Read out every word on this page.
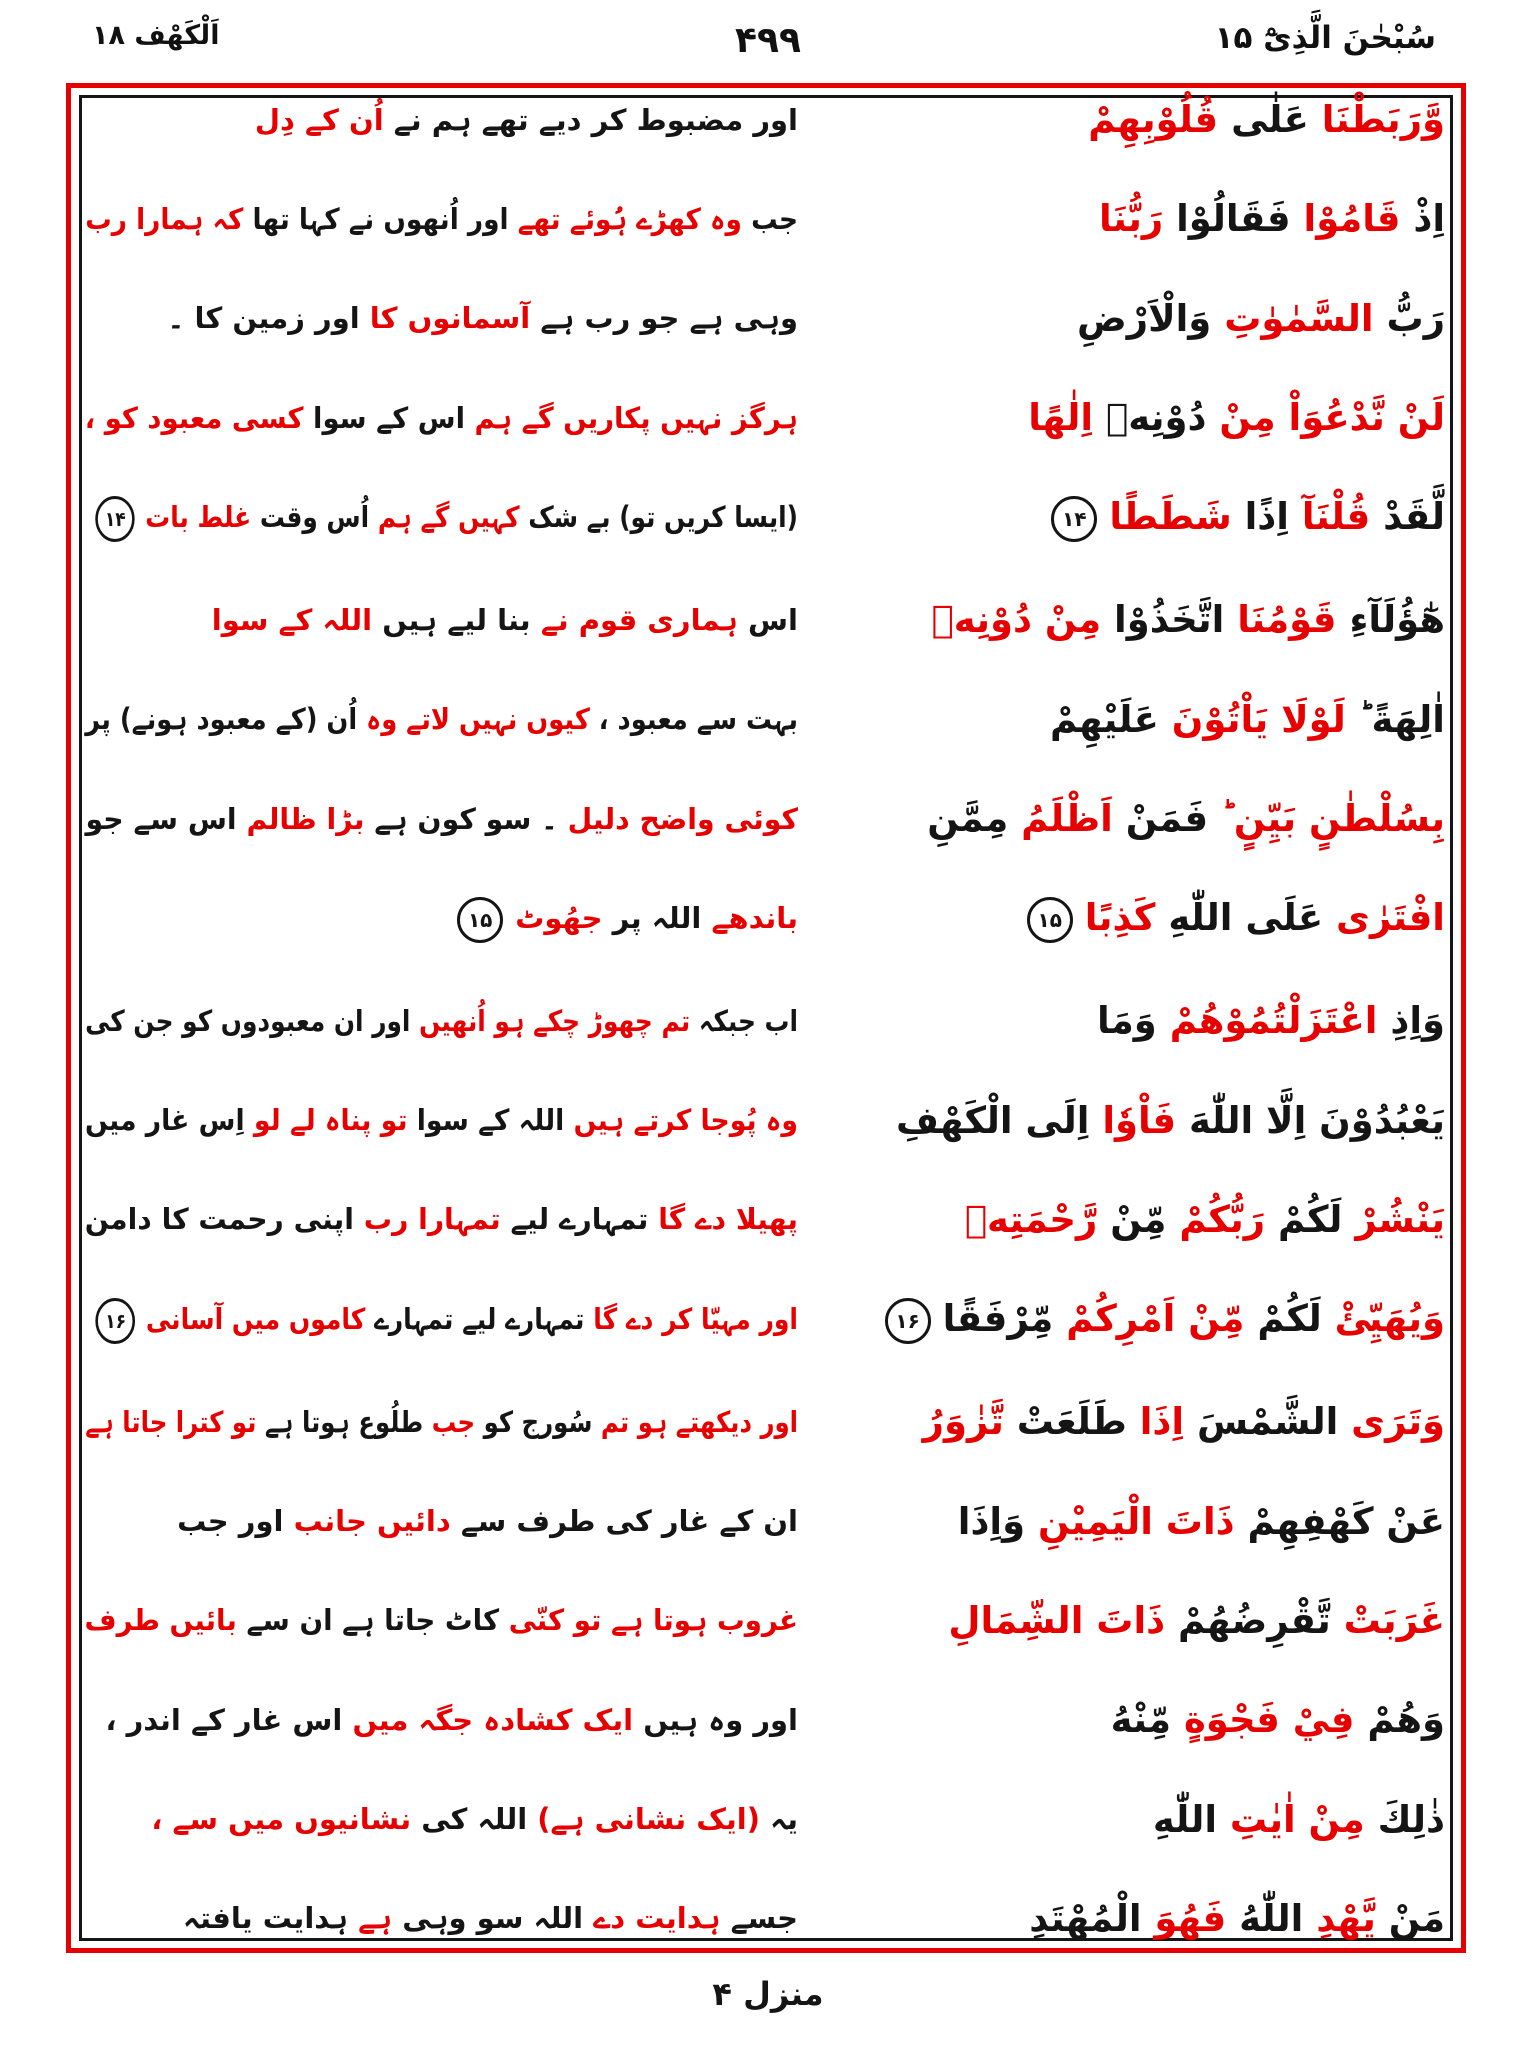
اَلْكَهْف ۱۸	۴۹۹	سُبْحٰنَ الَّذِیْٓ ۱۵
وَّرَبَطْنَا عَلٰى قُلُوْبِهِمْ
اور مضبوط کر دیے تھے ہم نے اُن کے دِل
اِذْ قَامُوْا فَقَالُوْا رَبُّنَا
جب وہ کھڑے ہُوئے تھے اور اُنھوں نے کہا تھا کہ ہمارا رب
رَبُّ السَّمٰوٰتِ وَالْاَرْضِ
وہی ہے جو رب ہے آسمانوں کا اور زمین کا ۔
لَنْ نَّدْعُوَاْ مِنْ دُوْنِهٖ اِلٰهًا
ہرگز نہیں پکاریں گے ہم اس کے سوا کسی معبود کو ،
لَّقَدْ قُلْنَآ اِذًا شَطَطًا۱۴
(ایسا کریں تو) بے شک کہیں گے ہم اُس وقت غلط بات۱۴
هٰٓؤُلَآءِ قَوْمُنَا اتَّخَذُوْا مِنْ دُوْنِهٖ
اس ہماری قوم نے بنا لیے ہیں اللہ کے سوا
اٰلِهَةً ؕ لَوْلَا يَاْتُوْنَ عَلَيْهِمْ
بہت سے معبود ، کیوں نہیں لاتے وہ اُن (کے معبود ہونے) پر
بِسُلْطٰنٍ بَيِّنٍ ؕ فَمَنْ اَظْلَمُ مِمَّنِ
کوئی واضح دلیل ۔ سو کون ہے بڑا ظالم اس سے جو
افْتَرٰى عَلَى اللّٰهِ كَذِبًا۱۵
باندھے اللہ پر جھُوٹ۱۵
وَاِذِ اعْتَزَلْتُمُوْهُمْ وَمَا
اب جبکہ تم چھوڑ چکے ہو اُنھیں اور ان معبودوں کو جن کی
يَعْبُدُوْنَ اِلَّا اللّٰهَ فَاْوٗا اِلَى الْكَهْفِ
وہ پُوجا کرتے ہیں اللہ کے سوا تو پناہ لے لو اِس غار میں
يَنْشُرْ لَكُمْ رَبُّكُمْ مِّنْ رَّحْمَتِهٖ
پھیلا دے گا تمہارے لیے تمہارا رب اپنی رحمت کا دامن
وَيُهَيِّئْ لَكُمْ مِّنْ اَمْرِكُمْ مِّرْفَقًا۱۶
اور مہیّا کر دے گا تمہارے لیے تمہارے کاموں میں آسانی۱۶
وَتَرَى الشَّمْسَ اِذَا طَلَعَتْ تَّزٰوَرُ
اور دیکھتے ہو تم سُورج کو جب طلُوع ہوتا ہے تو کترا جاتا ہے
عَنْ كَهْفِهِمْ ذَاتَ الْيَمِيْنِ وَاِذَا
ان کے غار کی طرف سے دائیں جانب اور جب
غَرَبَتْ تَّقْرِضُهُمْ ذَاتَ الشِّمَالِ
غروب ہوتا ہے تو کنّی کاٹ جاتا ہے ان سے بائیں طرف
وَهُمْ فِيْ فَجْوَةٍ مِّنْهُ
اور وہ ہیں ایک کشادہ جگہ میں اس غار کے اندر ،
ذٰلِكَ مِنْ اٰيٰتِ اللّٰهِ
یہ (ایک نشانی ہے) اللہ کی نشانیوں میں سے ،
مَنْ يَّهْدِ اللّٰهُ فَهُوَ الْمُهْتَدِ
جسے ہدایت دے اللہ سو وہی ہے ہدایت یافتہ
منزل ۴
